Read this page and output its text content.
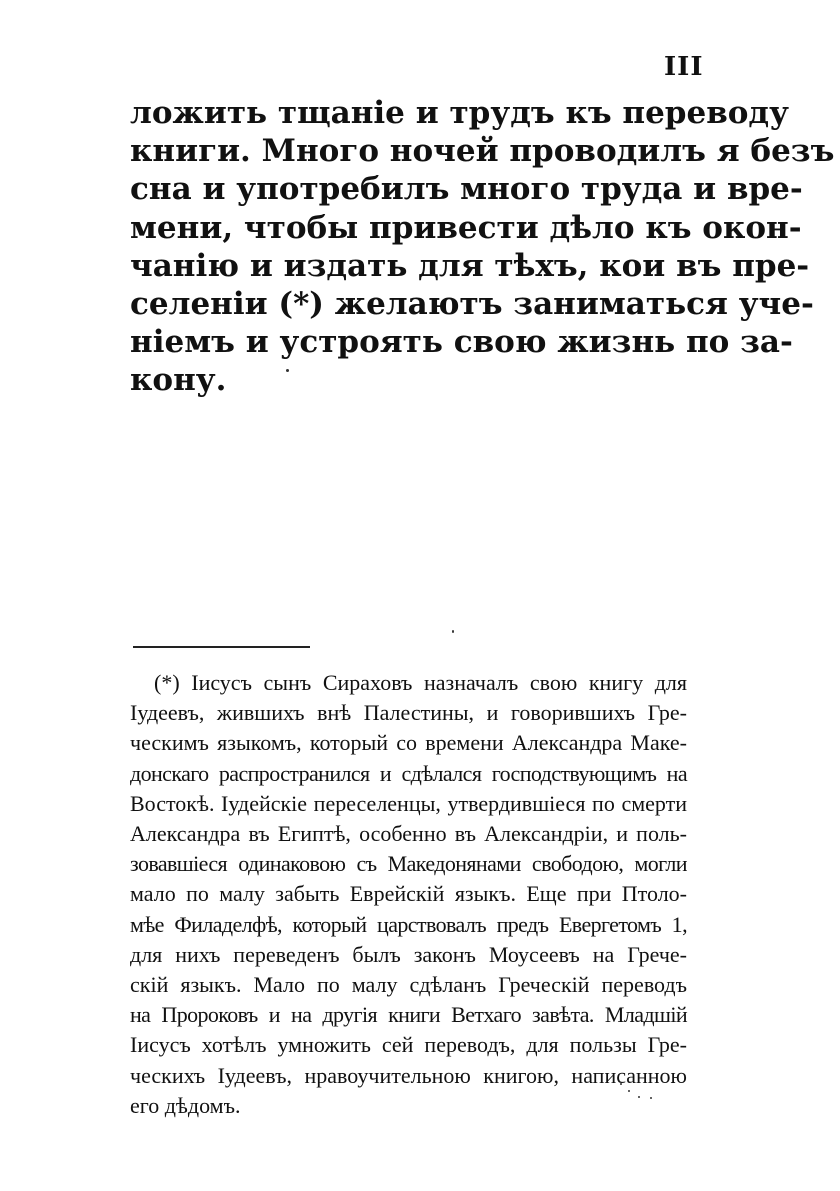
III
ложить тщаніе и трудъ къ переводу
книги. Много ночей проводилъ я безъ
сна и употребилъ много труда и вре-
мени, чтобы привести дѣло къ окон-
чанію и издать для тѣхъ, кои въ пре-
селеніи (*) желаютъ заниматься уче-
ніемъ и устроять свою жизнь по за-
кону.
(*) Іисусъ сынъ Сираховъ назначалъ свою книгу для
Іудеевъ, жившихъ внѣ Палестины, и говорившихъ Гре-
ческимъ языкомъ, который со времени Александра Маке-
донскаго распространился и сдѣлался господствующимъ на
Востокѣ. Іудейскіе переселенцы, утвердившіеся по смерти
Александра въ Египтѣ, особенно въ Александріи, и поль-
зовавшіеся одинаковою съ Македонянами свободою, могли
мало по малу забыть Еврейскій языкъ. Еще при Птоло-
мѣе Филаделфѣ, который царствовалъ предъ Евергетомъ 1,
для нихъ переведенъ былъ законъ Моусеевъ на Грече-
скій языкъ. Мало по малу сдѣланъ Греческій переводъ
на Пророковъ и на другія книги Ветхаго завѣта. Младшій
Іисусъ хотѣлъ умножить сей переводъ, для пользы Гре-
ческихъ Іудеевъ, нравоучительною книгою, написанною
его дѣдомъ.
